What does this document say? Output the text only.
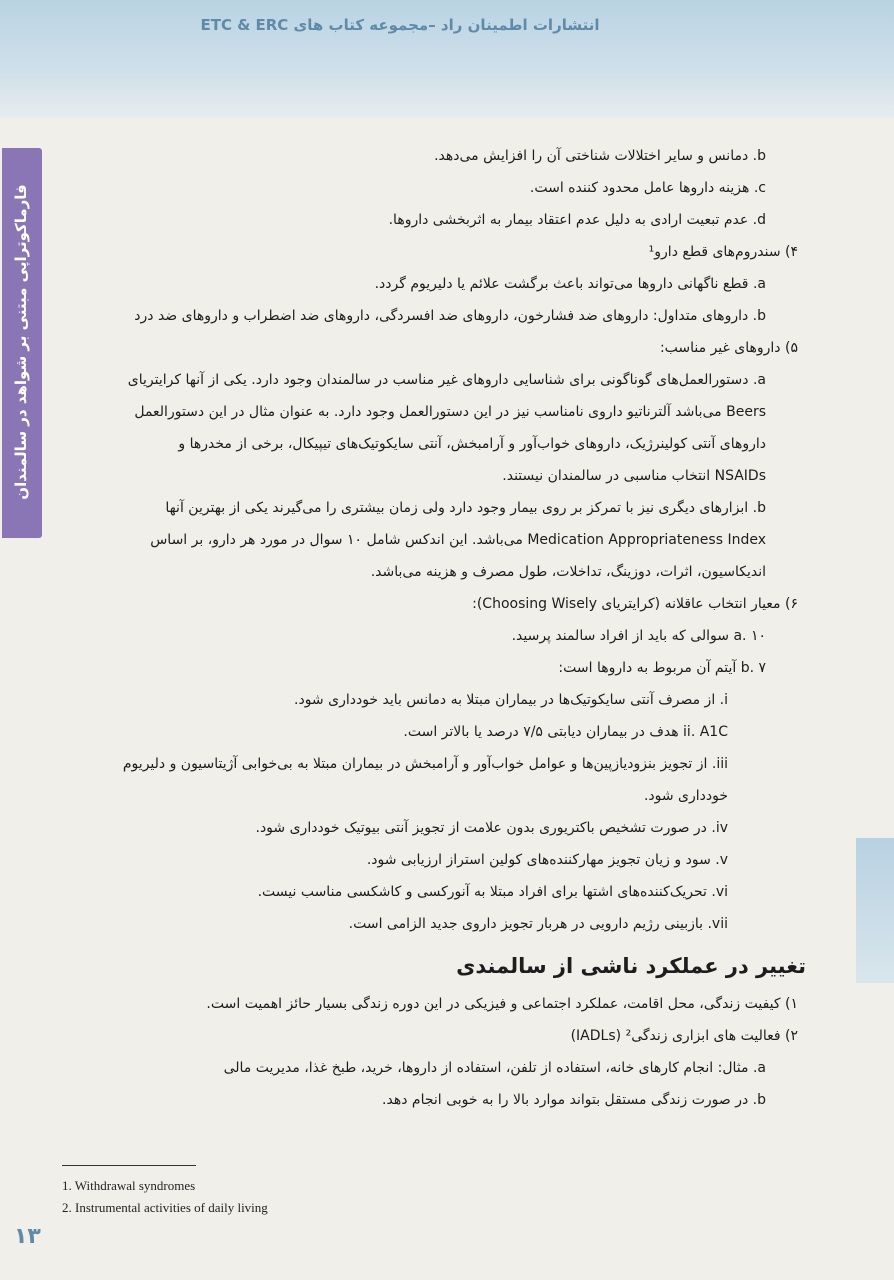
انتشارات اطمینان راد –مجموعه کتاب های ETC & ERC
فارماکوتراپی مبتنی بر شواهد در سالمندان

b. دمانس و سایر اختلالات شناختی آن را افزایش می‌دهد.

c. هزینه داروها عامل محدود کننده است.

d. عدم تبعیت ارادی به دلیل عدم اعتقاد بیمار به اثربخشی داروها.

۴) سندروم‌های قطع دارو¹

a. قطع ناگهانی داروها می‌تواند باعث برگشت علائم یا دلیریوم گردد.

b. داروهای متداول: داروهای ضد فشارخون، داروهای ضد افسردگی، داروهای ضد اضطراب و داروهای ضد درد

۵) داروهای غیر مناسب:

a. دستورالعمل‌های گوناگونی برای شناسایی داروهای غیر مناسب در سالمندان وجود دارد. یکی از آنها کرایتریای

Beers می‌باشد آلترناتیو داروی نامناسب نیز در این دستورالعمل وجود دارد. به عنوان مثال در این دستورالعمل

داروهای آنتی کولینرژیک، داروهای خواب‌آور و آرامبخش، آنتی سایکوتیک‌های تیپیکال، برخی از مخدرها و

NSAIDs انتخاب مناسبی در سالمندان نیستند.

b. ابزارهای دیگری نیز با تمرکز بر روی بیمار وجود دارد ولی زمان بیشتری را می‌گیرند یکی از بهترین آنها

Medication Appropriateness Index می‌باشد. این اندکس شامل ۱۰ سوال در مورد هر دارو، بر اساس

اندیکاسیون، اثرات، دوزینگ، تداخلات، طول مصرف و هزینه می‌باشد.

۶) معیار انتخاب عاقلانه (کرایتریای Choosing Wisely):

a. ۱۰ سوالی که باید از افراد سالمند پرسید.

b. ۷ آیتم آن مربوط به داروها است:

i. از مصرف آنتی سایکوتیک‌ها در بیماران مبتلا به دمانس باید خودداری شود.

ii. A1C هدف در بیماران دیابتی ۷/۵ درصد یا بالاتر است.

iii. از تجویز بنزودیازپین‌ها و عوامل خواب‌آور و آرامبخش در بیماران مبتلا به بی‌خوابی آژیتاسیون و دلیریوم

خودداری شود.

iv. در صورت تشخیص باکتریوری بدون علامت از تجویز آنتی بیوتیک خودداری شود.

v. سود و زیان تجویز مهارکننده‌های کولین استراز ارزیابی شود.

vi. تحریک‌کننده‌های اشتها برای افراد مبتلا به آنورکسی و کاشکسی مناسب نیست.

vii. بازبینی رژیم دارویی در هربار تجویز داروی جدید الزامی است.

تغییر در عملکرد ناشی از سالمندی

۱) کیفیت زندگی، محل اقامت، عملکرد اجتماعی و فیزیکی در این دوره زندگی بسیار حائز اهمیت است.

۲) فعالیت های ابزاری زندگی² (IADLs)

a. مثال: انجام کارهای خانه، استفاده از تلفن، استفاده از داروها، خرید، طبخ غذا، مدیریت مالی

b. در صورت زندگی مستقل بتواند موارد بالا را به خوبی انجام دهد.

1. Withdrawal syndromes
2. Instrumental activities of daily living
۱۳
